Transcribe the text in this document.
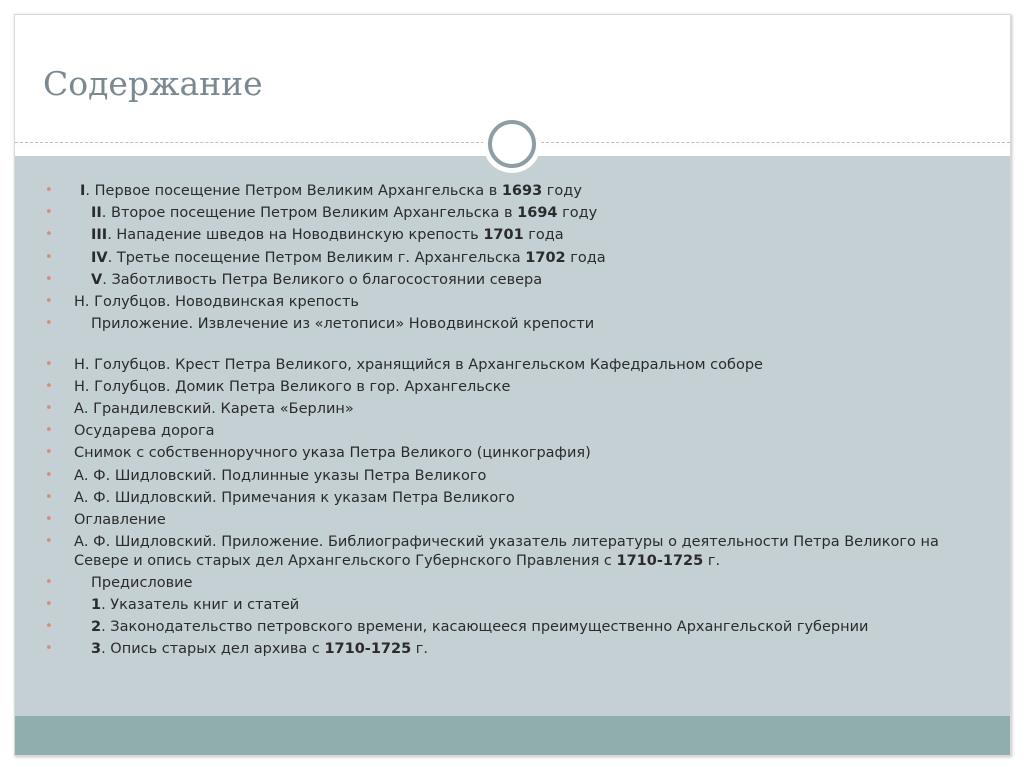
Содержание
• I. Первое посещение Петром Великим Архангельска в 1693 году
• II. Второе посещение Петром Великим Архангельска в 1694 году
• III. Нападение шведов на Новодвинскую крепость 1701 года
• IV. Третье посещение Петром Великим г. Архангельска 1702 года
• V. Заботливость Петра Великого о благосостоянии севера
• Н. Голубцов. Новодвинская крепость
• Приложение. Извлечение из «летописи» Новодвинской крепости
• Н. Голубцов. Крест Петра Великого, хранящийся в Архангельском Кафедральном соборе
• Н. Голубцов. Домик Петра Великого в гор. Архангельске
• А. Грандилевский. Карета «Берлин»
• Осударева дорога
• Снимок с собственноручного указа Петра Великого (цинкография)
• А. Ф. Шидловский. Подлинные указы Петра Великого
• А. Ф. Шидловский. Примечания к указам Петра Великого
• Оглавление
• А. Ф. Шидловский. Приложение. Библиографический указатель литературы о деятельности Петра Великого на Севере и опись старых дел Архангельского Губернского Правления с 1710-1725 г.
• Предисловие
• 1. Указатель книг и статей
• 2. Законодательство петровского времени, касающееся преимущественно Архангельской губернии
• 3. Опись старых дел архива с 1710-1725 г.
